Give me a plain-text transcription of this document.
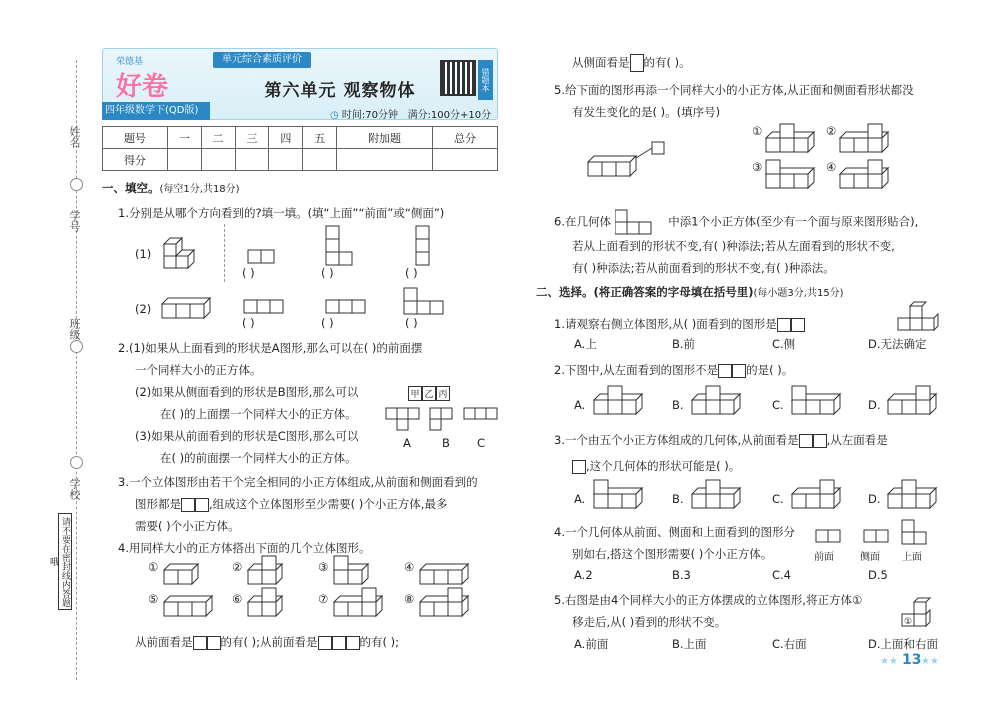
姓名
学号
班级
学校
请不要在密封线内答题哦
荣德基
好卷
单元综合素质评价
四年级数学下(QD版)
第六单元 观察物体
◷ 时间:70分钟 满分:100分+10分
错题本
题号	一	二	三	四	五	附加题	总分
得分							
一、填空。(每空1分,共18分)
1.分别是从哪个方向看到的?填一填。(填“上面”“前面”或“侧面”)
(1)
(2)
( )	( )	( )
( )	( )	( )
2.(1)如果从上面看到的形状是A图形,那么可以在( )的前面摆
一个同样大小的正方体。
(2)如果从侧面看到的形状是B图形,那么可以
在( )的上面摆一个同样大小的正方体。
(3)如果从前面看到的形状是C图形,那么可以
在( )的前面摆一个同样大小的正方体。
甲 乙 丙
A	B C
3.一个立体图形由若干个完全相同的小正方体组成,从前面和侧面看到的
图形都是 ,组成这个立体图形至少需要( )个小正方体,最多
需要( )个小正方体。
4.用同样大小的正方体搭出下面的几个立体图形。
①	②	③	④
⑤	⑥	⑦	⑧
从前面看是 的有( );从前面看是	的有( );
从侧面看是 的有( )。
5.给下面的图形再添一个同样大小的小正方体,从正面和侧面看形状都没
有发生变化的是( )。(填序号)
①	②
③	④
6.在几何体	中添1个小正方体(至少有一个面与原来图形贴合),
若从上面看到的形状不变,有( )种添法;若从左面看到的形状不变,
有( )种添法;若从前面看到的形状不变,有( )种添法。
二、选择。(将正确答案的字母填在括号里)(每小题3分,共15分)
1.请观察右侧立体图形,从( )面看到的图形是
A.上	B.前	C.侧	D.无法确定
2.下图中,从左面看到的图形不是 的是( )。
A.	B.	C.	D.
3.一个由五个小正方体组成的几何体,从前面看是 ,从左面看是
,这个几何体的形状可能是( )。
A.	B.	C.	D.
4.一个几何体从前面、侧面和上面看到的图形分
别如右,搭这个图形需要( )个小正方体。	前面	侧面 上面
A.2	B.3	C.4	D.5
5.右图是由4个同样大小的正方体摆成的立体图形,将正方体①
移走后,从( )看到的形状不变。	①
A.前面	B.上面	C.右面	D.上面和右面
★★ 13 ★★
